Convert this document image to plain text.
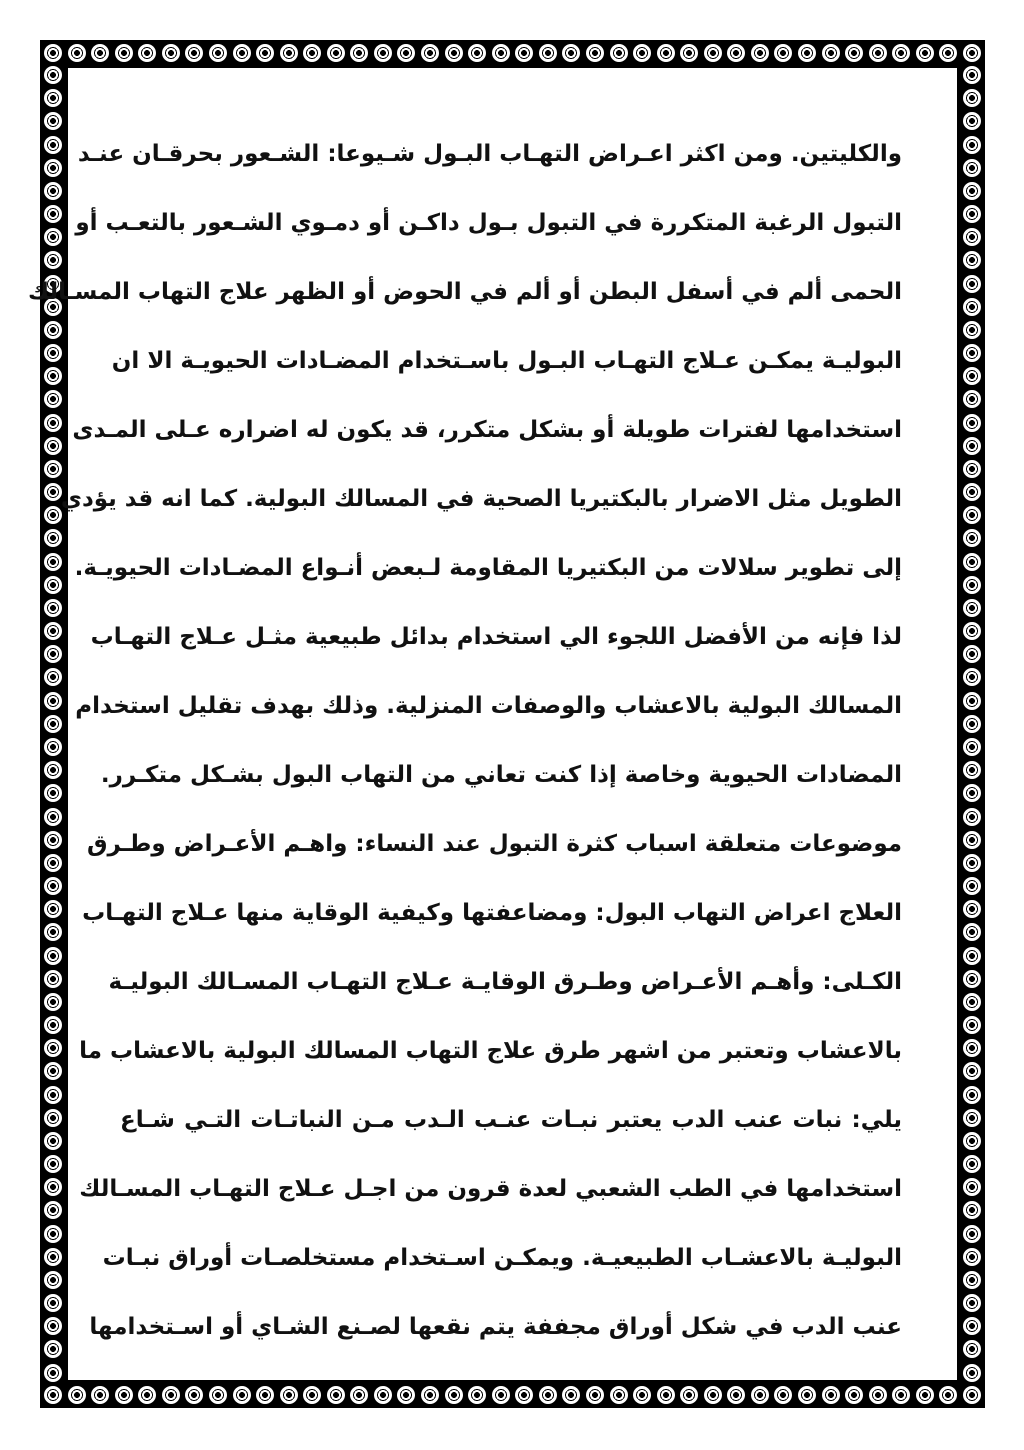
والكليتين. ومن اكثر اعـراض التهـاب البـول شـيوعا: الشـعور بحرقـان عنـد
التبول الرغبة المتكررة في التبول بـول داكـن أو دمـوي الشـعور بالتعـب أو
الحمى ألم في أسفل البطن أو ألم في الحوض أو الظهر علاج التهاب المسـالك
البوليـة يمكـن عـلاج التهـاب البـول باسـتخدام المضـادات الحيويـة الا ان
استخدامها لفترات طويلة أو بشكل متكرر، قد يكون له اضراره عـلى المـدى
الطويل مثل الاضرار بالبكتيريا الصحية في المسالك البولية. كما انه قد يؤدي
إلى تطوير سلالات من البكتيريا المقاومة لـبعض أنـواع المضـادات الحيويـة.
لذا فإنه من الأفضل اللجوء الي استخدام بدائل طبيعية مثـل عـلاج التهـاب
المسالك البولية بالاعشاب والوصفات المنزلية. وذلك بهدف تقليل استخدام
المضادات الحيوية وخاصة إذا كنت تعاني من التهاب البول بشـكل متكـرر.
موضوعات متعلقة اسباب كثرة التبول عند النساء: واهـم الأعـراض وطـرق
العلاج اعراض التهاب البول: ومضاعفتها وكيفية الوقاية منها عـلاج التهـاب
الكـلى: وأهـم الأعـراض وطـرق الوقايـة عـلاج التهـاب المسـالك البوليـة
بالاعشاب وتعتبر من اشهر طرق علاج التهاب المسالك البولية بالاعشاب ما
يلي: نبات عنب الدب يعتبر نبـات عنـب الـدب مـن النباتـات التـي شـاع
استخدامها في الطب الشعبي لعدة قرون من اجـل عـلاج التهـاب المسـالك
البوليـة بالاعشـاب الطبيعيـة. ويمكـن اسـتخدام مستخلصـات أوراق نبـات
عنب الدب في شكل أوراق مجففة يتم نقعها لصـنع الشـاي أو اسـتخدامها
